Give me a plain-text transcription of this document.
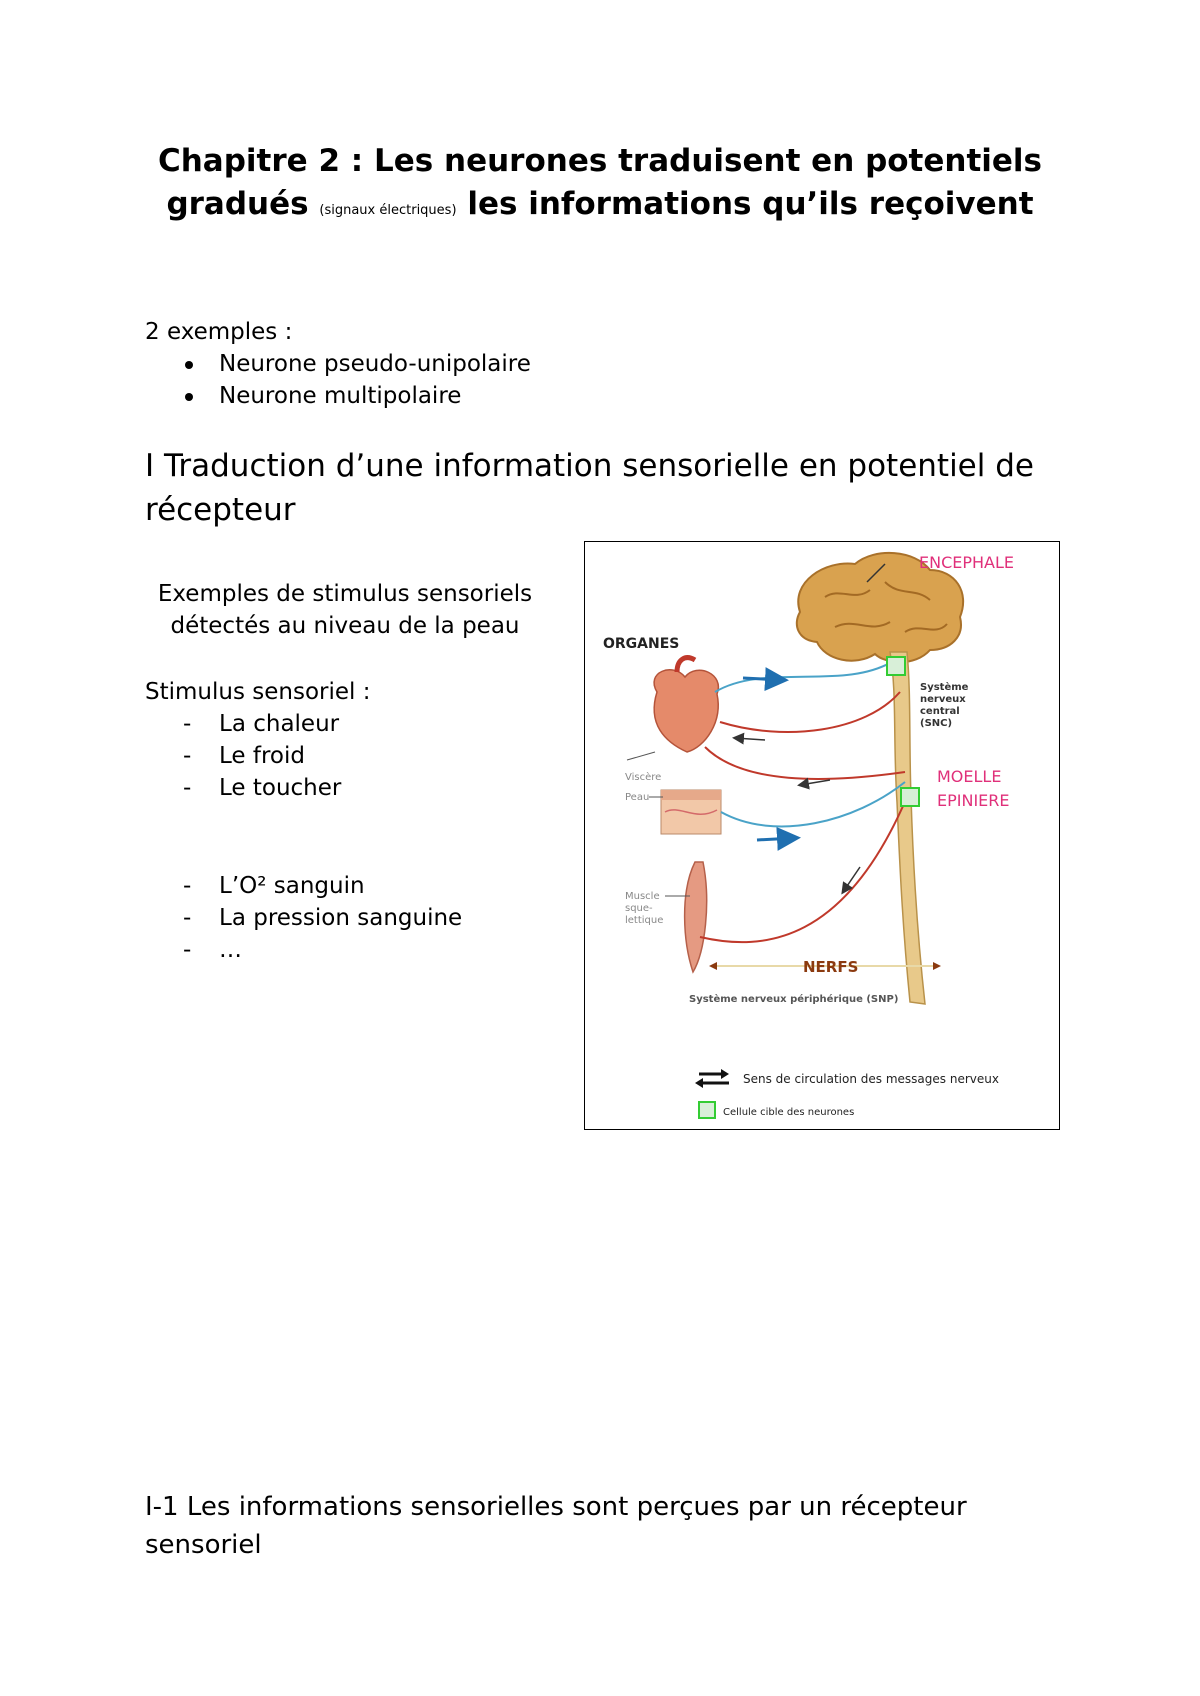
Chapitre 2 : Les neurones traduisent en potentiels gradués (signaux électriques) les informations qu’ils reçoivent
2 exemples :
Neurone pseudo-unipolaire
Neurone multipolaire
I Traduction d’une information sensorielle en potentiel de récepteur
Exemples de stimulus sensoriels détectés au niveau de la peau
Stimulus sensoriel :
- La chaleur
- Le froid
- Le toucher
- L’O² sanguin
- La pression sanguine
- …
ENCEPHALE
ORGANES
Système
nerveux
central
(SNC)
MOELLE
EPINIERE
Viscère
Peau
Muscle
sque-
lettique
NERFS
Système nerveux périphérique (SNP)
Sens de circulation des messages nerveux
Cellule cible des neurones
I-1 Les informations sensorielles sont perçues par un récepteur sensoriel
